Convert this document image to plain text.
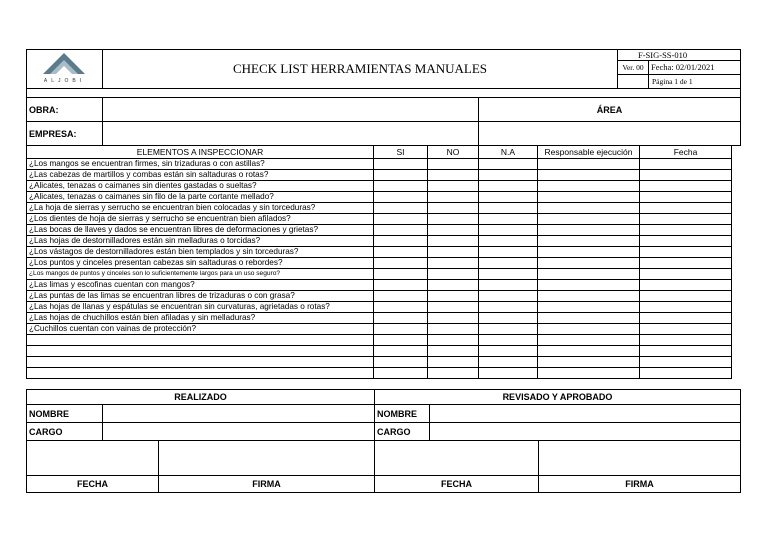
ALJOBI
CHECK LIST HERRAMIENTAS MANUALES
F-SIG-SS-010
Ver. 00 Fecha: 02/01/2021
Página 1 de 1
OBRA:	ÁREA
EMPRESA:
ELEMENTOS A INSPECCIONAR	SI	NO	N.A	Responsable ejecución	Fecha
¿Los mangos se encuentran firmes, sin trizaduras o con astillas?					
¿Las cabezas de martillos y combas están sin saltaduras o rotas?					
¿Alicates, tenazas o caimanes sin dientes gastadas o sueltas?					
¿Alicates, tenazas o caimanes sin filo de la parte cortante mellado?					
¿La hoja de sierras y serrucho se encuentran bien colocadas y sin torceduras?					
¿Los dientes de hoja de sierras y serrucho se encuentran bien afilados?					
¿Las bocas de llaves y dados se encuentran libres de deformaciones y grietas?					
¿Las hojas de destornilladores están sin melladuras o torcidas?					
¿Los vástagos de destornilladores están bien templados y sin torceduras?					
¿Los puntos y cinceles presentan cabezas sin saltaduras o rebordes?					
¿Los mangos de puntos y cinceles son lo suficientemente largos para un uso seguro?					
¿Las limas y escofinas cuentan con mangos?					
¿Las puntas de las limas se encuentran libres de trizaduras o con grasa?					
¿Las hojas de llanas y espátulas se encuentran sin curvaturas, agrietadas o rotas?					
¿Las hojas de chuchillos están bien afiladas y sin melladuras?					
¿Cuchillos cuentan con vainas de protección?					

REALIZADO	REVISADO Y APROBADO
NOMBRE	NOMBRE
CARGO	CARGO
FECHA	FIRMA	FECHA	FIRMA
